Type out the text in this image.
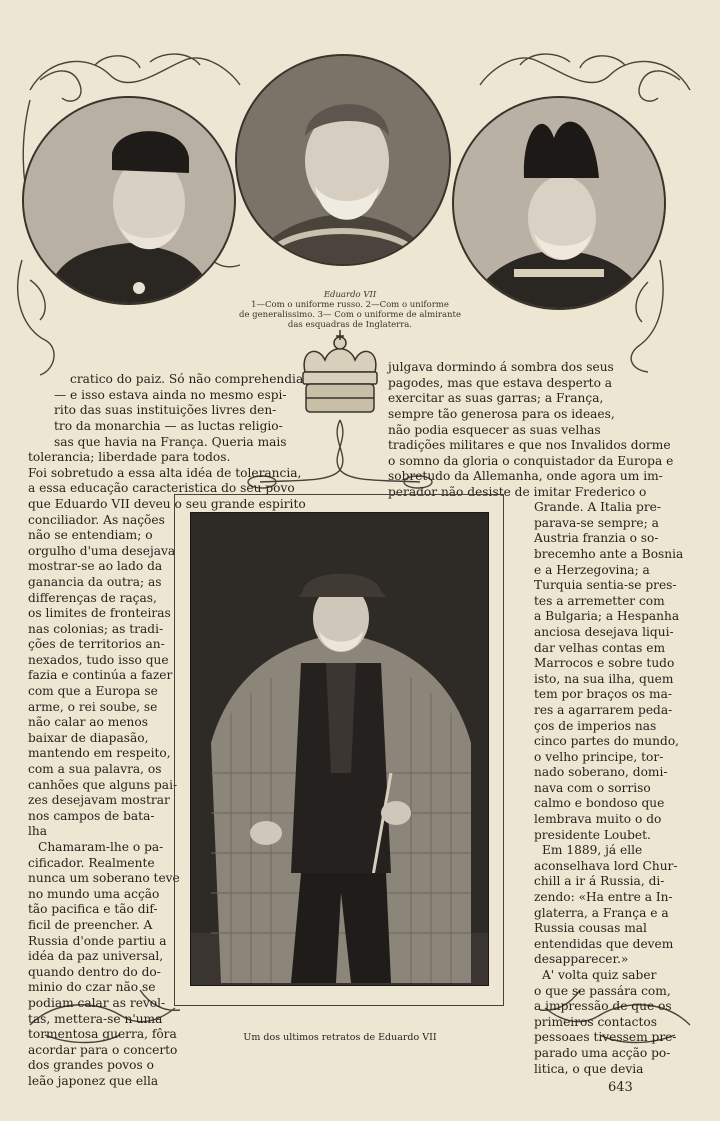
Eduardo VII
1—Com o uniforme russo. 2—Com o uniforme
de generalissimo. 3— Com o uniforme de almirante
das esquadras de Inglaterra.

cratico do paiz. Só não comprehendia
— e isso estava ainda no mesmo espi-
rito das suas instituições livres den-
tro da monarchia — as luctas religio-
sas que havia na França. Queria mais
tolerancia; liberdade para todos.
Foi sobretudo a essa alta idéa de tolerancia,
a essa educação caracteristica do seu povo
que Eduardo VII deveu o seu grande espirito
conciliador. As nações
não se entendiam; o
orgulho d'uma desejava
mostrar-se ao lado da
ganancia da outra; as
differenças de raças,
os limites de fronteiras
nas colonias; as tradi-
ções de territorios an-
nexados, tudo isso que
fazia e continúa a fazer
com que a Europa se
arme, o rei soube, se
não calar ao menos
baixar de diapasão,
mantendo em respeito,
com a sua palavra, os
canhões que alguns pai-
zes desejavam mostrar
nos campos de bata-
lha
Chamaram-lhe o pa-
cificador. Realmente
nunca um soberano teve
no mundo uma acção
tão pacifica e tão dif-
ficil de preencher. A
Russia d'onde partiu a
idéa da paz universal,
quando dentro do do-
minio do czar não se
podiam calar as revol-
tas, mettera-se n'uma
tormentosa guerra, fôra
acordar para o concerto
dos grandes povos o
leão japonez que ella

julgava dormindo á sombra dos seus
pagodes, mas que estava desperto a
exercitar as suas garras; a França,
sempre tão generosa para os ideaes,
não podia esquecer as suas velhas
tradições militares e que nos Invalidos dorme
o somno da gloria o conquistador da Europa e
sobretudo da Allemanha, onde agora um im-
perador não desiste de imitar Frederico o

Grande. A Italia pre-
parava-se sempre; a
Austria franzia o so-
brecemho ante a Bosnia
e a Herzegovina; a
Turquia sentia-se pres-
tes a arremetter com
a Bulgaria; a Hespanha
anciosa desejava liqui-
dar velhas contas em
Marrocos e sobre tudo
isto, na sua ilha, quem
tem por braços os ma-
res a agarrarem peda-
ços de imperios nas
cinco partes do mundo,
o velho principe, tor-
nado soberano, domi-
nava com o sorriso
calmo e bondoso que
lembrava muito o do
presidente Loubet.
Em 1889, já elle
aconselhava lord Chur-
chill a ir á Russia, di-
zendo: «Ha entre a In-
glaterra, a França e a
Russia cousas mal
entendidas que devem
desapparecer.»
A' volta quiz saber
o que se passára com,
a impressão de que os
primeiros contactos
pessoaes tivessem pre-
parado uma acção po-
litica, o que devia

Um dos ultimos retratos de Eduardo VII
643
